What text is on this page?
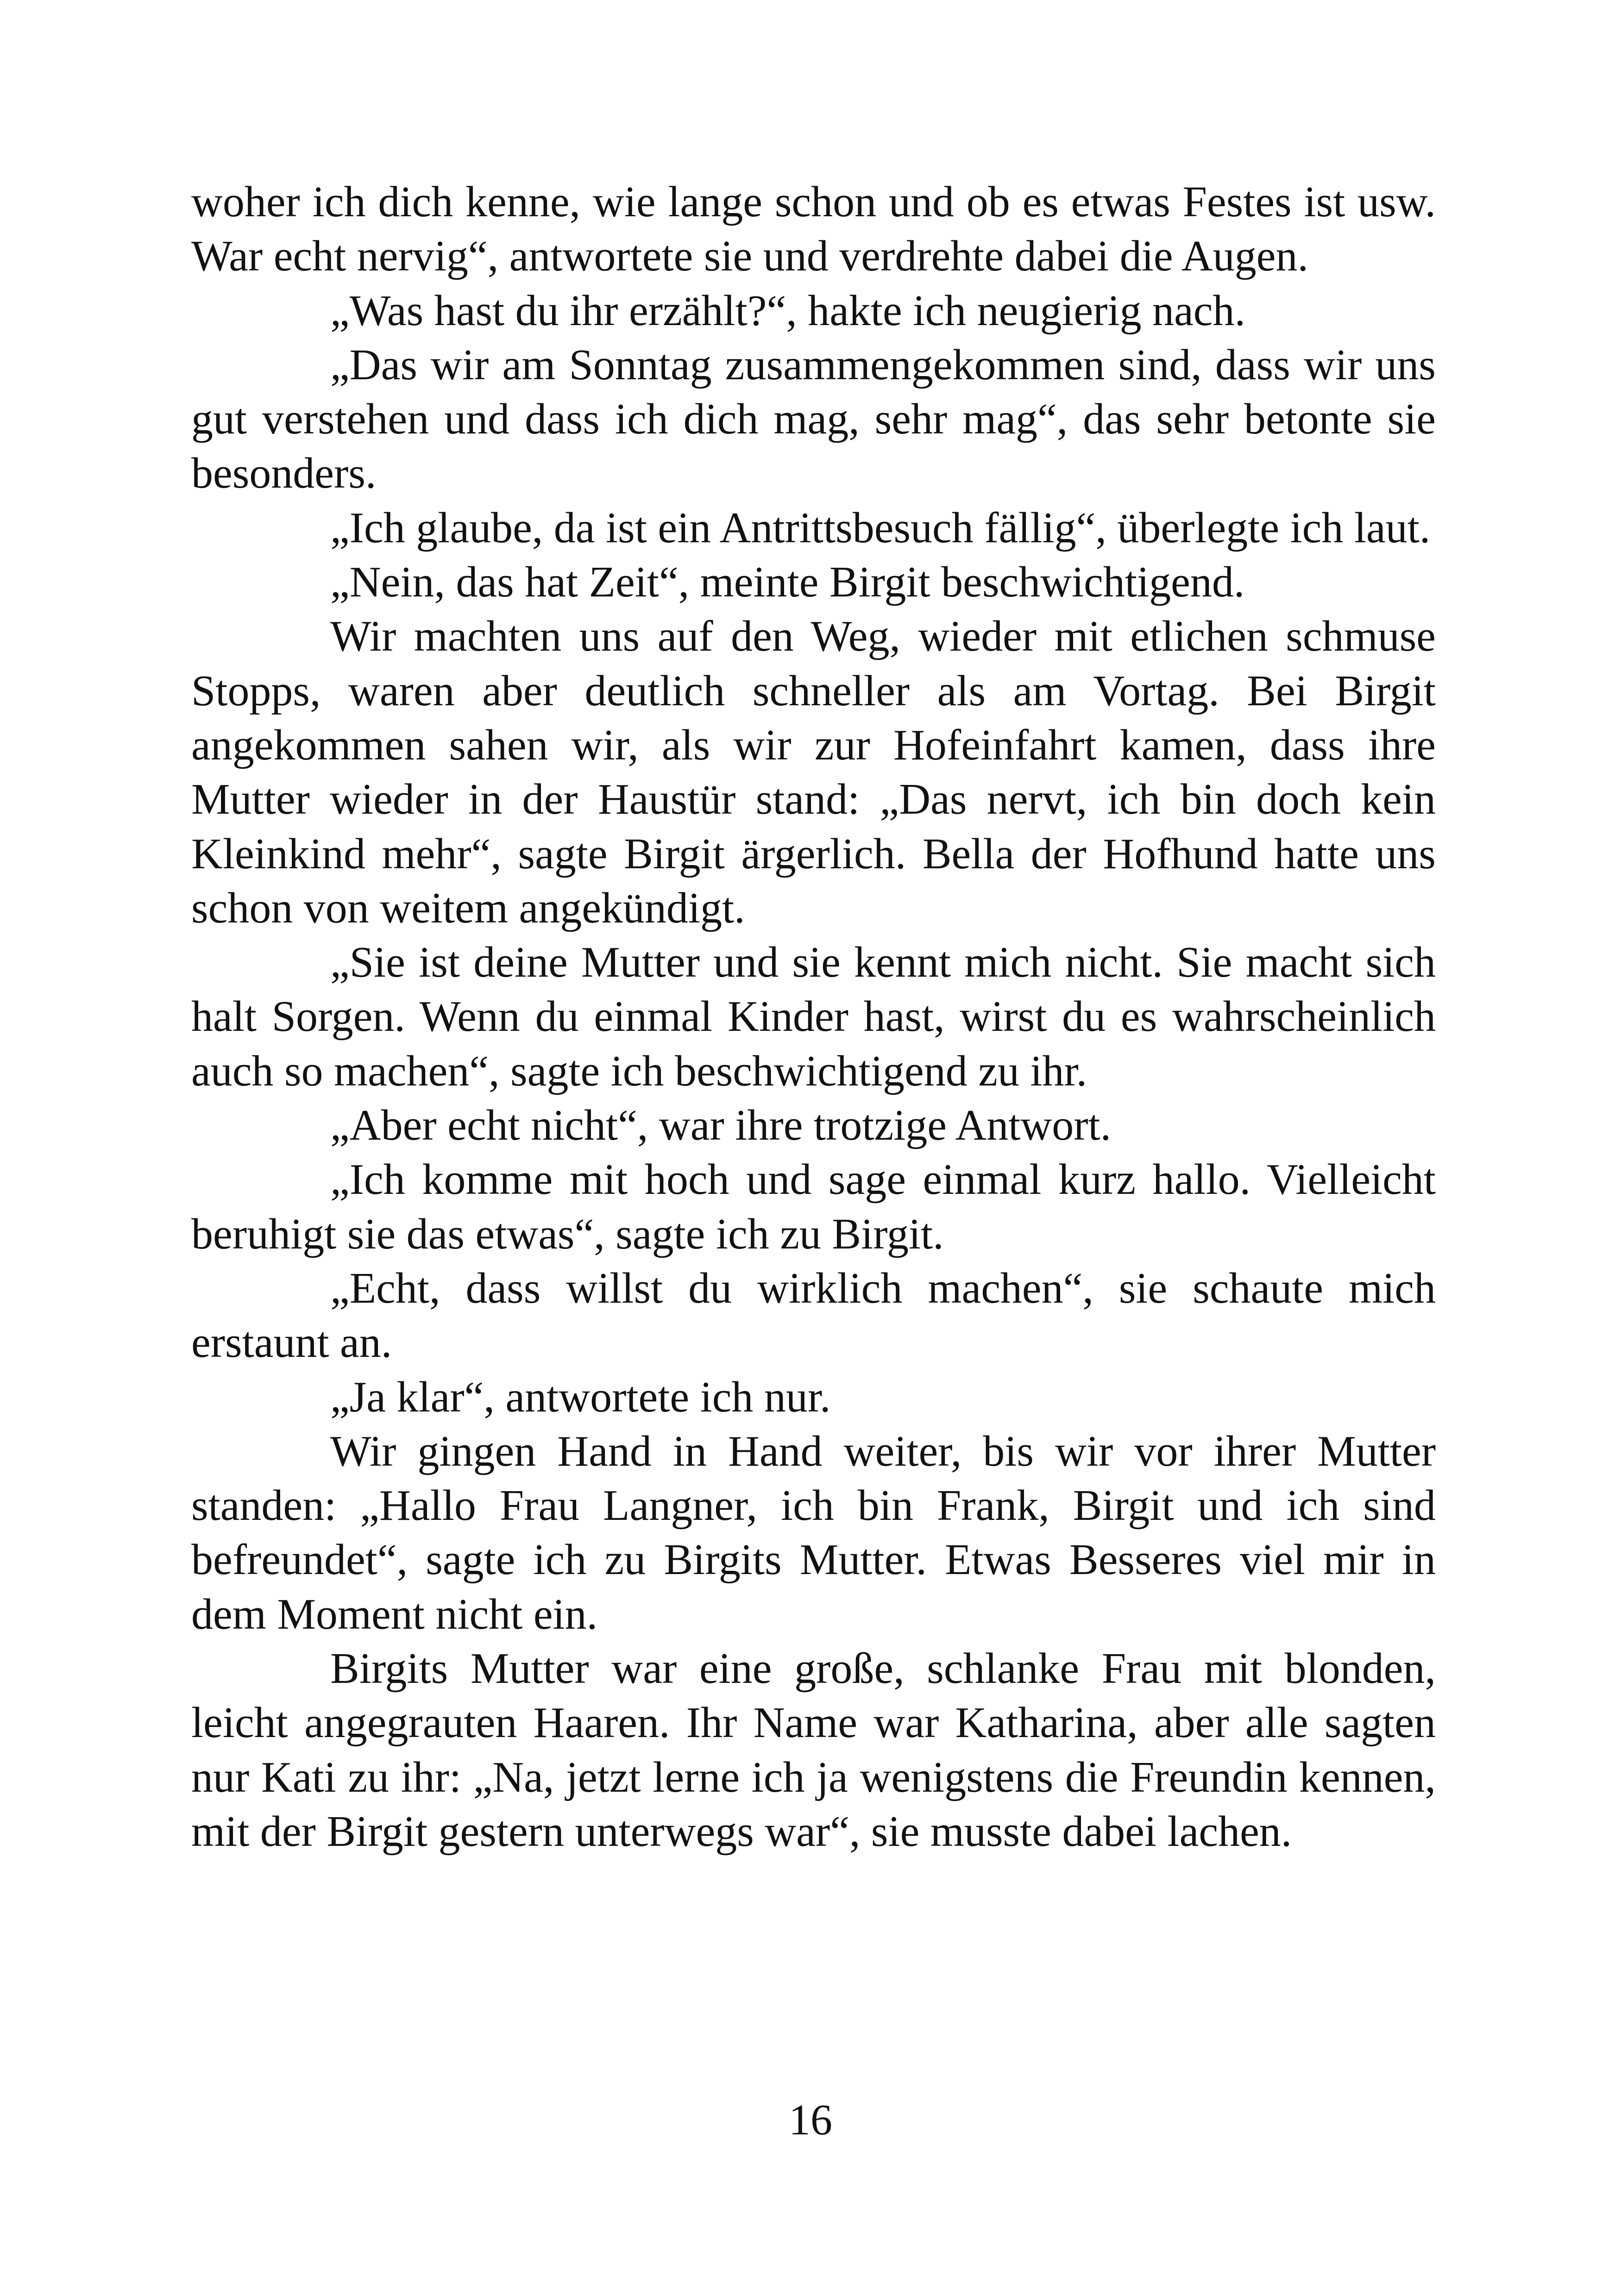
woher ich dich kenne, wie lange schon und ob es etwas Festes ist usw. War echt nervig“, antwortete sie und verdrehte dabei die Augen.

„Was hast du ihr erzählt?“, hakte ich neugierig nach.

„Das wir am Sonntag zusammengekommen sind, dass wir uns gut verstehen und dass ich dich mag, sehr mag“, das sehr betonte sie besonders.

„Ich glaube, da ist ein Antrittsbesuch fällig“, überlegte ich laut.

„Nein, das hat Zeit“, meinte Birgit beschwichtigend.

Wir machten uns auf den Weg, wieder mit etlichen schmuse Stopps, waren aber deutlich schneller als am Vortag. Bei Birgit angekommen sahen wir, als wir zur Hofeinfahrt kamen, dass ihre Mutter wieder in der Haustür stand: „Das nervt, ich bin doch kein Kleinkind mehr“, sagte Birgit ärgerlich. Bella der Hofhund hatte uns schon von weitem angekündigt.

„Sie ist deine Mutter und sie kennt mich nicht. Sie macht sich halt Sorgen. Wenn du einmal Kinder hast, wirst du es wahrscheinlich auch so machen“, sagte ich beschwichtigend zu ihr.

„Aber echt nicht“, war ihre trotzige Antwort.

„Ich komme mit hoch und sage einmal kurz hallo. Vielleicht beruhigt sie das etwas“, sagte ich zu Birgit.

„Echt, dass willst du wirklich machen“, sie schaute mich erstaunt an.

„Ja klar“, antwortete ich nur.

Wir gingen Hand in Hand weiter, bis wir vor ihrer Mutter standen: „Hallo Frau Langner, ich bin Frank, Birgit und ich sind befreundet“, sagte ich zu Birgits Mutter. Etwas Besseres viel mir in dem Moment nicht ein.

Birgits Mutter war eine große, schlanke Frau mit blonden, leicht angegrauten Haaren. Ihr Name war Katharina, aber alle sagten nur Kati zu ihr: „Na, jetzt lerne ich ja wenigstens die Freundin kennen, mit der Birgit gestern unterwegs war“, sie musste dabei lachen.

16
